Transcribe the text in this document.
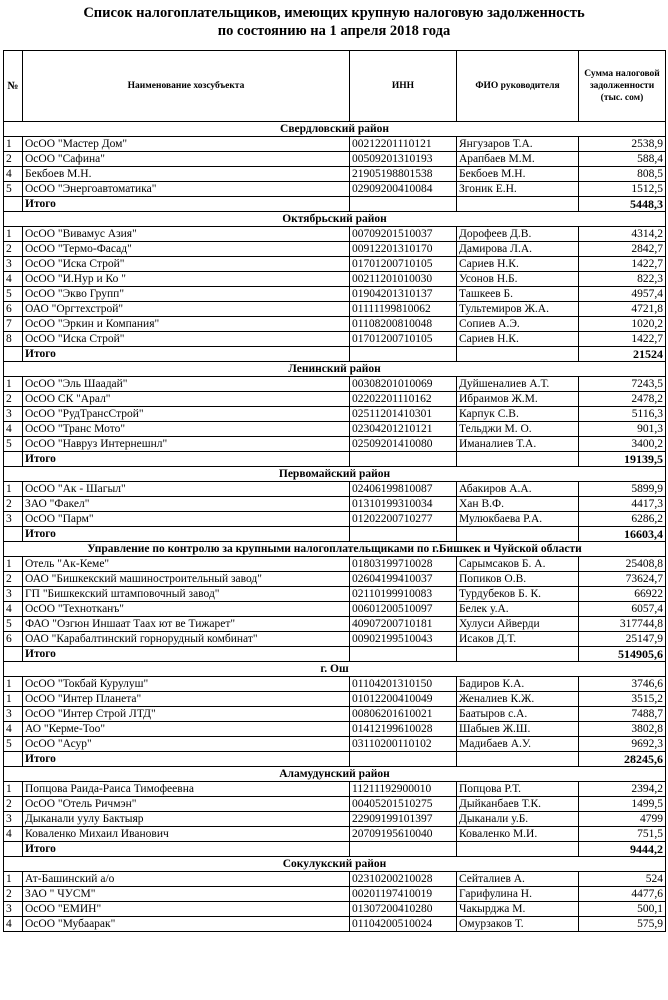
Список налогоплательщиков, имеющих крупную налоговую задолженность
по состоянию на 1 апреля 2018 года
№	Наименование хозсубъекта	ИНН	ФИО руководителя	Сумма налоговой задолженности (тыс. сом)
Свердловский район				
1	ОсОО "Мастер Дом"	00212201110121	Янгузаров Т.А.	2538,9
2	ОсОО "Сафина"	00509201310193	Арапбаев М.М.	588,4
4	Бекбоев М.Н.	21905198801538	Бекбоев М.Н.	808,5
5	ОсОО "Энергоавтоматика"	02909200410084	Згоник Е.Н.	1512,5
	Итого			5448,3
Октябрьский район				
1	ОсОО "Вивамус Азия"	00709201510037	Дорофеев Д.В.	4314,2
2	ОсОО "Термо-Фасад"	00912201310170	Дамирова Л.А.	2842,7
3	ОсОО "Иска Строй"	01701200710105	Сариев Н.К.	1422,7
4	ОсОО "И.Нур и Ко "	00211201010030	Усонов Н.Б.	822,3
5	ОсОО "Экво Групп"	01904201310137	Ташкеев Б.	4957,4
6	ОАО "Оргтехстрой"	01111199810062	Тультемиров Ж.А.	4721,8
7	ОсОО "Эркин и Компания"	01108200810048	Сопиев А.Э.	1020,2
8	ОсОО "Иска Строй"	01701200710105	Сариев Н.К.	1422,7
	Итого			21524
Ленинский район				
1	ОсОО "Эль Шаадай"	00308201010069	Дуйшеналиев А.Т.	7243,5
2	ОсОО СК "Арал"	02202201110162	Ибраимов Ж.М.	2478,2
3	ОсОО "РудТрансСтрой"	02511201410301	Карпук С.В.	5116,3
4	ОсОО "Транс Мото"	02304201210121	Тельджи М. О.	901,3
5	ОсОО "Навруз Интернешнл"	02509201410080	Иманалиев Т.А.	3400,2
	Итого			19139,5
Первомайский район				
1	ОсОО "Ак - Шагыл"	02406199810087	Абакиров А.А.	5899,9
2	ЗАО "Факел"	01310199310034	Хан В.Ф.	4417,3
3	ОсОО "Парм"	01202200710277	Мулюкбаева Р.А.	6286,2
	Итого			16603,4
Управление по контролю за крупными налогоплательщиками по г.Бишкек и Чуйской области				
1	Отель "Ак-Кеме"	01803199710028	Сарымсаков Б. А.	25408,8
2	ОАО "Бишкекский машиностроительный завод"	02604199410037	Попиков О.В.	73624,7
3	ГП "Бишкекский штамповочный завод"	02110199910083	Турдубеков Б. К.	66922
4	ОсОО "Технотканъ"	00601200510097	Белек у.А.	6057,4
5	ФАО "Озгюн Иншаат Таах ют ве Тижарет"	40907200710181	Хулуси Айверди	317744,8
6	ОАО "Карабалтинский горнорудный комбинат"	00902199510043	Исаков Д.Т.	25147,9
	Итого			514905,6
г. Ош				
1	ОсОО "Токбай Курулуш"	01104201310150	Бадиров К.А.	3746,6
1	ОсОО "Интер Планета"	01012200410049	Женалиев К.Ж.	3515,2
3	ОсОО "Интер Строй ЛТД"	00806201610021	Баатыров с.А.	7488,7
4	АО "Керме-Тоо"	01412199610028	Шабыев Ж.Ш.	3802,8
5	ОсОО "Асур"	03110200110102	Мадибаев А.У.	9692,3
	Итого			28245,6
Аламудунский район				
1	Попцова Раида-Раиса Тимофеевна	11211192900010	Попцова Р.Т.	2394,2
2	ОсОО "Отель Ричмэн"	00405201510275	Дыйканбаев Т.К.	1499,5
3	Дыканали уулу Бактыяр	22909199101397	Дыканали у.Б.	4799
4	Коваленко Михаил Иванович	20709195610040	Коваленко М.И.	751,5
	Итого			9444,2
Сокулукский район				
1	Ат-Башинский а/о	02310200210028	Сейталиев А.	524
2	ЗАО " ЧУСМ"	00201197410019	Гарифулина Н.	4477,6
3	ОсОО "ЕМИН"	01307200410280	Чакырджа М.	500,1
4	ОсОО "Мубаарак"	01104200510024	Омурзаков Т.	575,9
